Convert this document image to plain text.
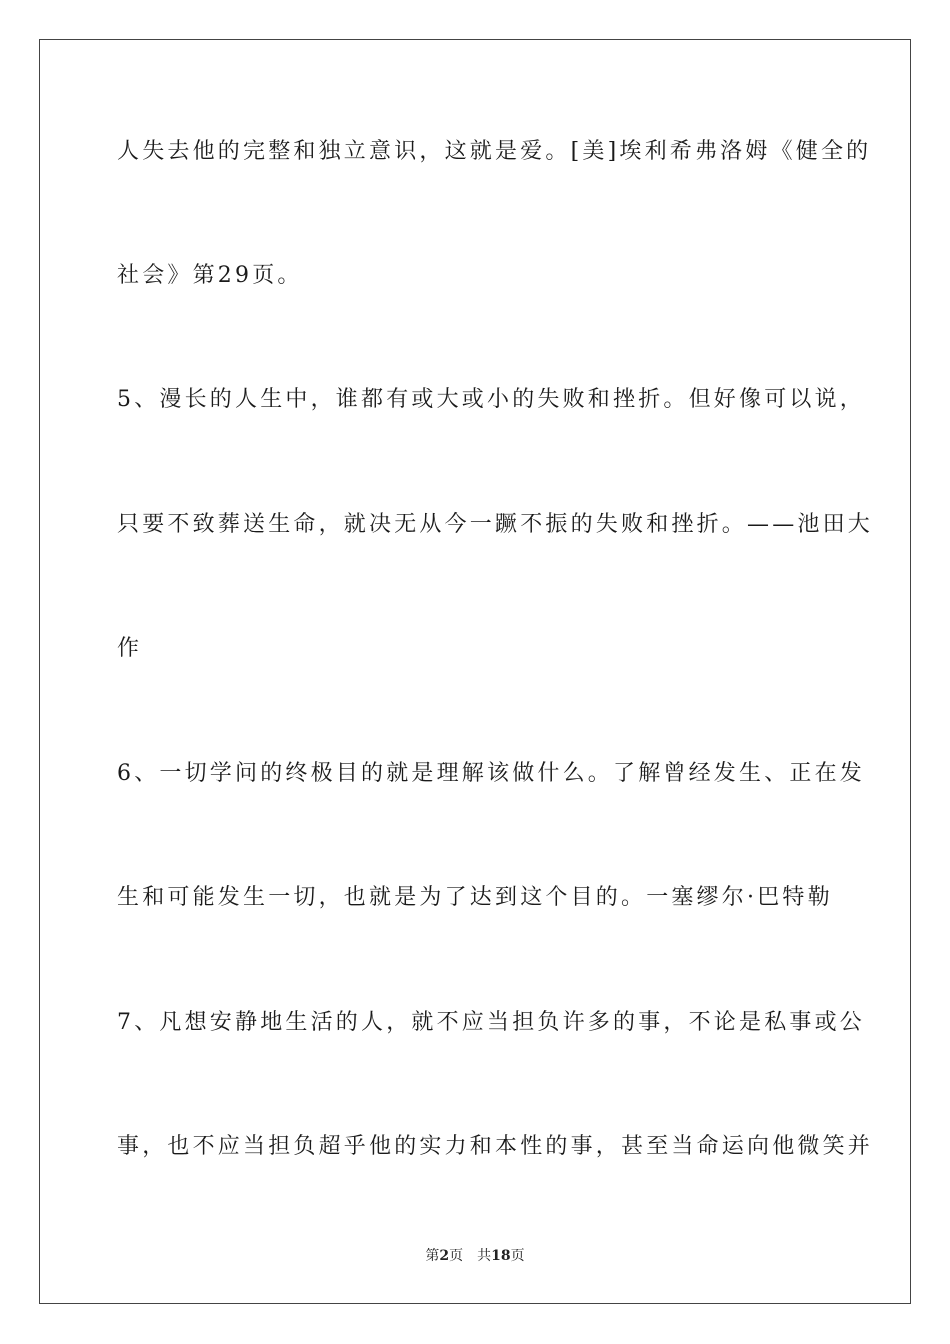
人失去他的完整和独立意识，这就是爱。[美]埃利希弗洛姆《健全的
社会》第29页。
5、漫长的人生中，谁都有或大或小的失败和挫折。但好像可以说，
只要不致葬送生命，就决无从今一蹶不振的失败和挫折。——池田大
作
6、一切学问的终极目的就是理解该做什么。了解曾经发生、正在发
生和可能发生一切，也就是为了达到这个目的。一塞缪尔·巴特勒
7、凡想安静地生活的人，就不应当担负许多的事，不论是私事或公
事，也不应当担负超乎他的实力和本性的事，甚至当命运向他微笑并
第2页 共18页
